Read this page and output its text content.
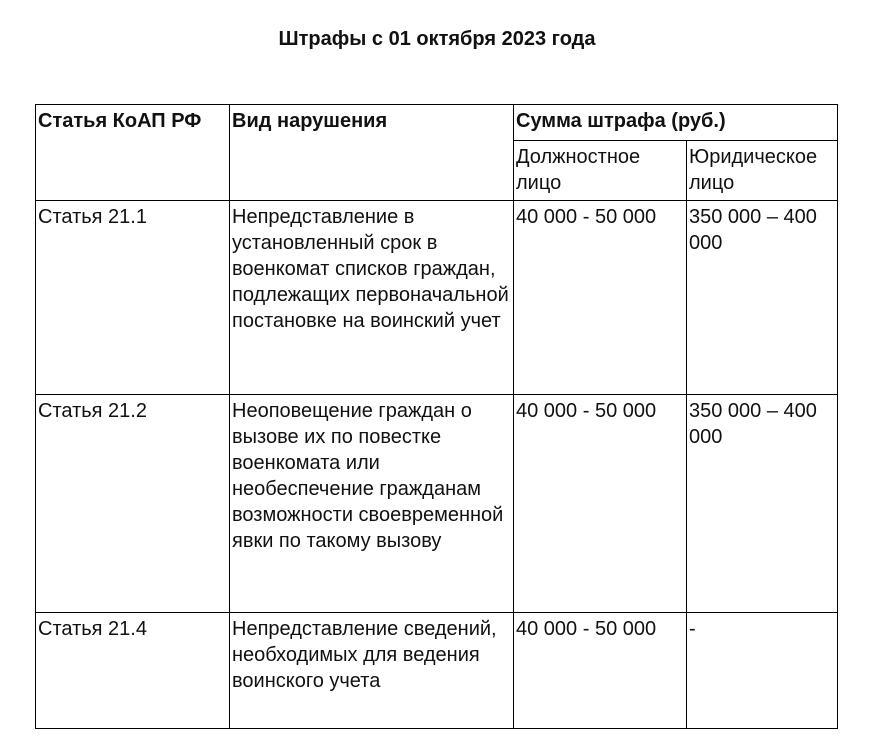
Штрафы с 01 октября 2023 года
Статья КоАП РФ	Вид нарушения	Сумма штрафа (руб.)	
		Должностное лицо	Юридическое лицо
Статья 21.1	Непредставление в установленный срок в военкомат списков граждан, подлежащих первоначальной постановке на воинский учет	40 000 - 50 000	350 000 – 400 000
Статья 21.2	Неоповещение граждан о вызове их по повестке военкомата или необеспечение гражданам возможности своевременной явки по такому вызову	40 000 - 50 000	350 000 – 400 000
Статья 21.4	Непредставление сведений, необходимых для ведения воинского учета	40 000 - 50 000	-
